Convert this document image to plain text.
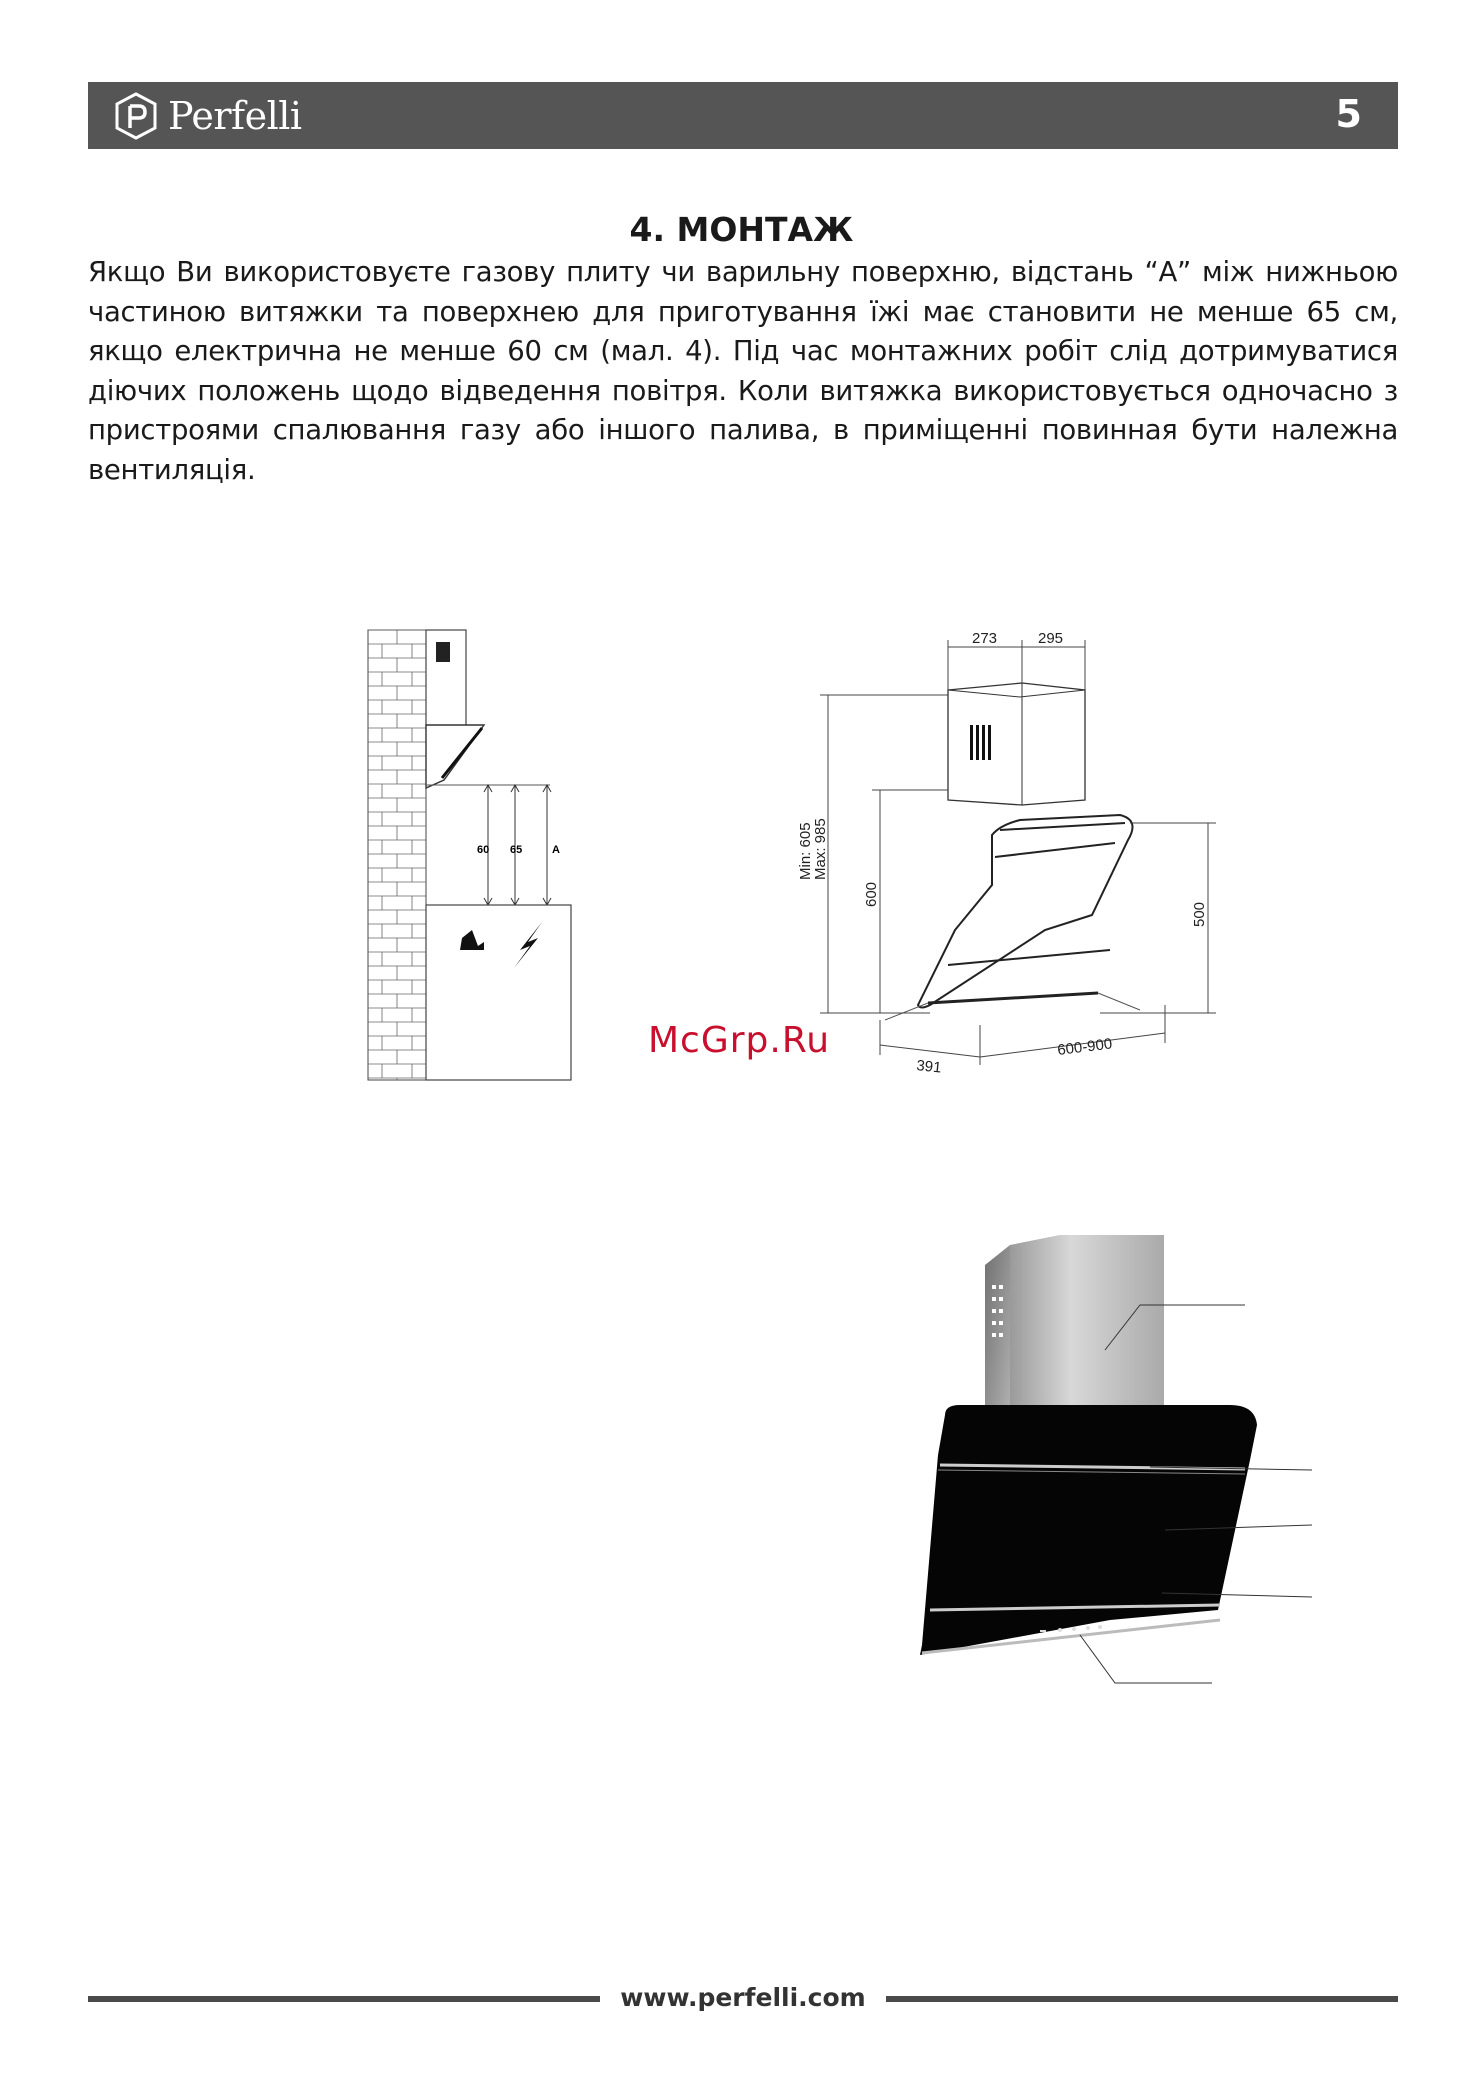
Perfelli	5
4. МОНТАЖ

Якщо Ви використовуєте газову плиту чи варильну поверхню, відстань “А” між нижньою частиною витяжки та поверхнею для приготування їжі має становити не менше 65 см, якщо електрична не менше 60 см (мал. 4). Під час монтажних робіт слід дотримуватися діючих положень щодо відведення повітря. Коли витяжка використовується одночасно з пристроями спалювання газу або іншого палива, в приміщенні повинная бути належна вентиляція.

60 65	A
273	295
Min: 605
Max: 985
600
500
391
600-900
McGrp.Ru
www.perfelli.com
